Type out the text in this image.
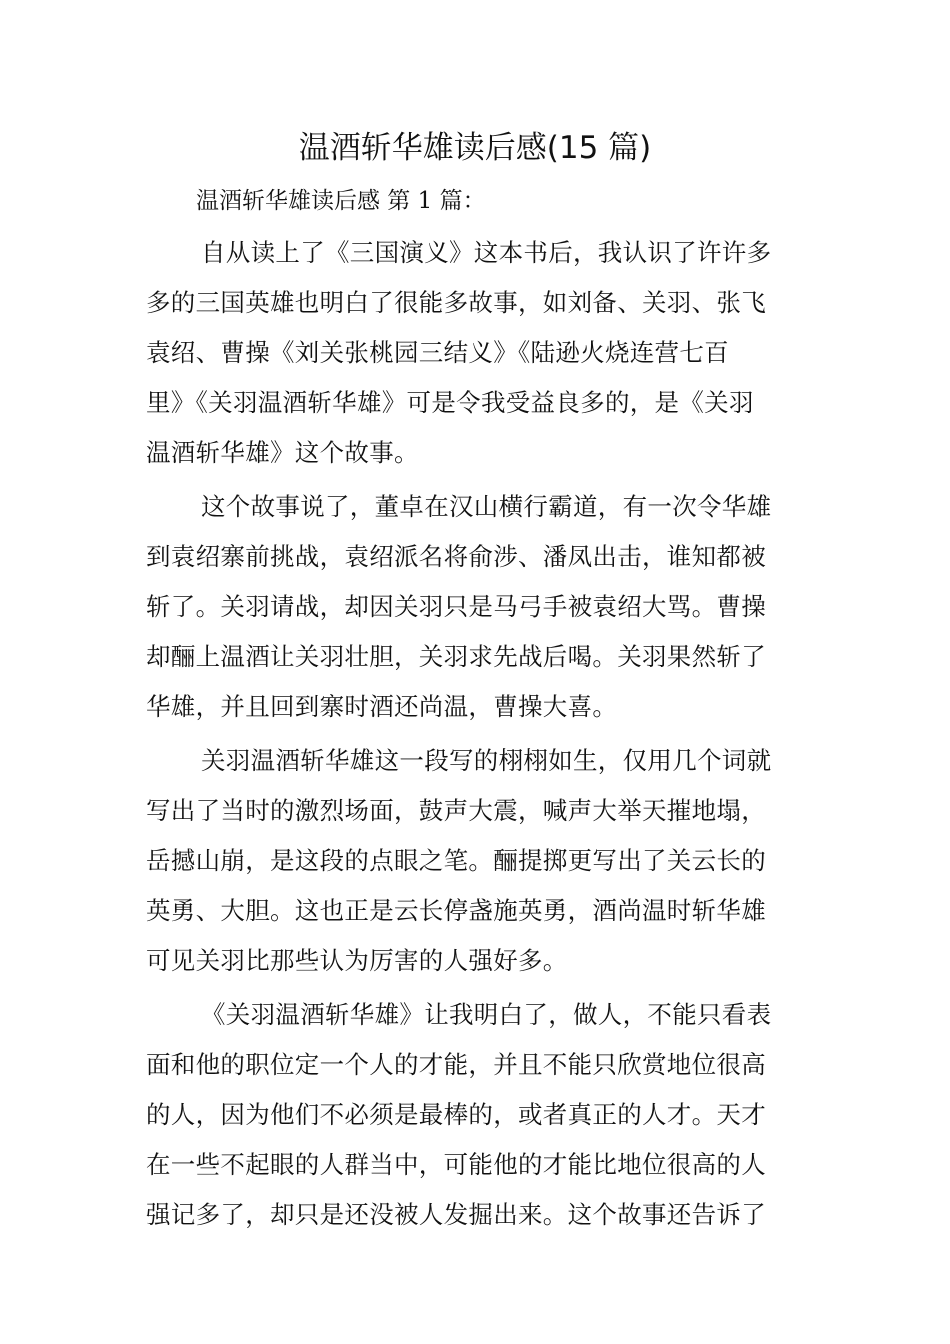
温酒斩华雄读后感(15 篇)
温酒斩华雄读后感 第 1 篇：
自从读上了《三国演义》这本书后，我认识了许许多
多的三国英雄也明白了很能多故事，如刘备、关羽、张飞
袁绍、曹操《刘关张桃园三结义》《陆逊火烧连营七百
里》《关羽温酒斩华雄》可是令我受益良多的，是《关羽
温酒斩华雄》这个故事。
这个故事说了，董卓在汉山横行霸道，有一次令华雄
到袁绍寨前挑战，袁绍派名将俞涉、潘凤出击，谁知都被
斩了。关羽请战，却因关羽只是马弓手被袁绍大骂。曹操
却酾上温酒让关羽壮胆，关羽求先战后喝。关羽果然斩了
华雄，并且回到寨时酒还尚温，曹操大喜。
关羽温酒斩华雄这一段写的栩栩如生，仅用几个词就
写出了当时的激烈场面，鼓声大震，喊声大举天摧地塌，
岳撼山崩，是这段的点眼之笔。酾提掷更写出了关云长的
英勇、大胆。这也正是云长停盏施英勇，酒尚温时斩华雄
可见关羽比那些认为厉害的人强好多。
《关羽温酒斩华雄》让我明白了，做人，不能只看表
面和他的职位定一个人的才能，并且不能只欣赏地位很高
的人，因为他们不必须是最棒的，或者真正的人才。天才
在一些不起眼的人群当中，可能他的才能比地位很高的人
强记多了，却只是还没被人发掘出来。这个故事还告诉了
